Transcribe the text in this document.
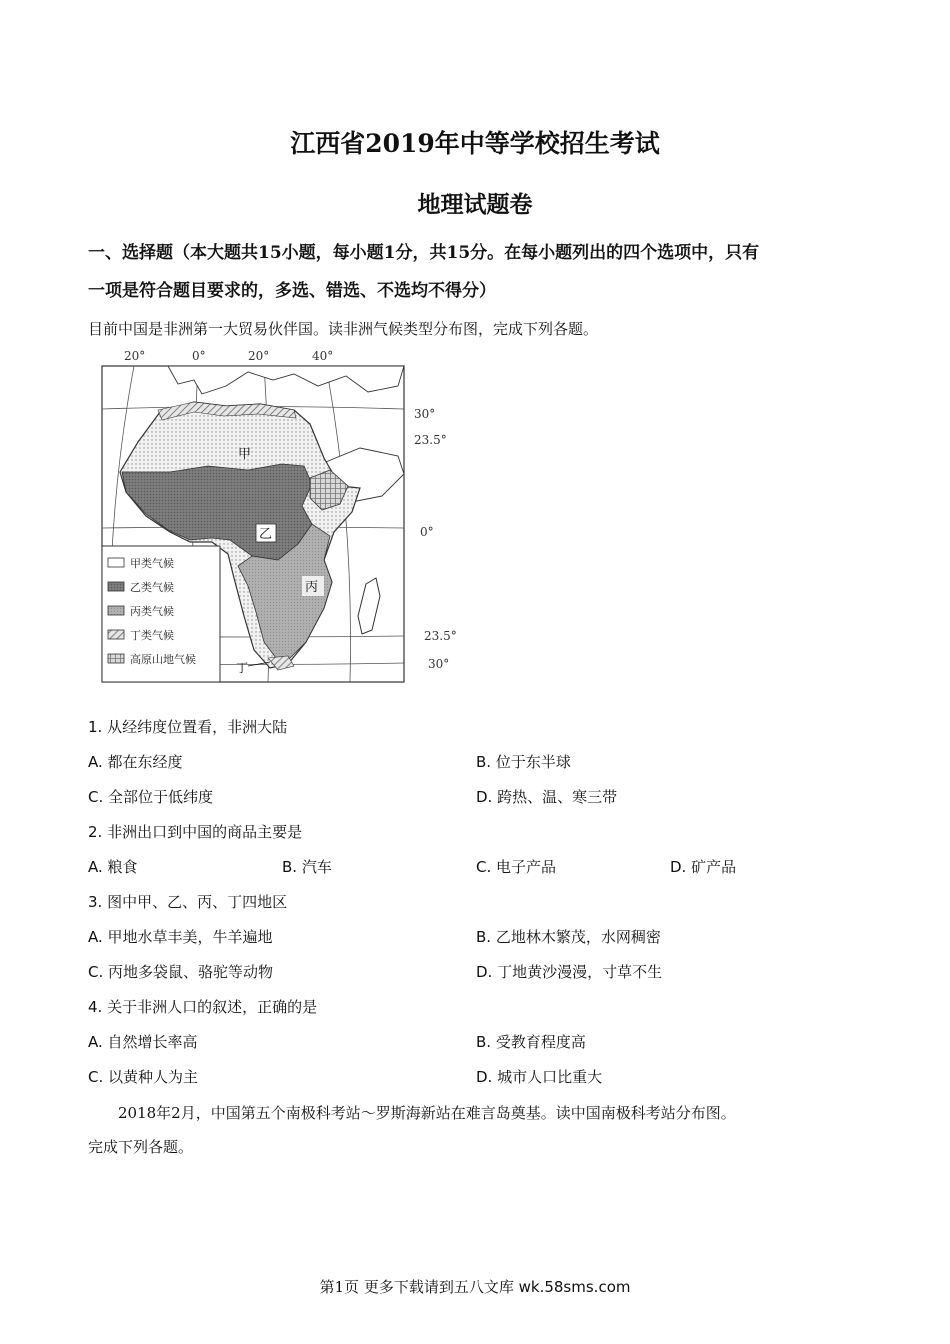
江西省2019年中等学校招生考试
地理试题卷
一、选择题（本大题共15小题，每小题1分，共15分。在每小题列出的四个选项中，只有
一项是符合题目要求的，多选、错选、不选均不得分）
目前中国是非洲第一大贸易伙伴国。读非洲气候类型分布图，完成下列各题。
甲
乙
丙
丁
20°	0°	20°	40°
30°
23.5°
0°
23.5°
30°
甲类气候
乙类气候
丙类气候
丁类气候
高原山地气候
1. 从经纬度位置看，非洲大陆
A. 都在东经度	B. 位于东半球
C. 全部位于低纬度	D. 跨热、温、寒三带
2. 非洲出口到中国的商品主要是
A. 粮食	B. 汽车	C. 电子产品	D. 矿产品
3. 图中甲、乙、丙、丁四地区
A. 甲地水草丰美，牛羊遍地	B. 乙地林木繁茂，水网稠密
C. 丙地多袋鼠、骆驼等动物	D. 丁地黄沙漫漫，寸草不生
4. 关于非洲人口的叙述，正确的是
A. 自然增长率高	B. 受教育程度高
C. 以黄种人为主	D. 城市人口比重大
2018年2月，中国第五个南极科考站～罗斯海新站在难言岛奠基。读中国南极科考站分布图。
完成下列各题。
第1页 更多下载请到五八文库 wk.58sms.com
